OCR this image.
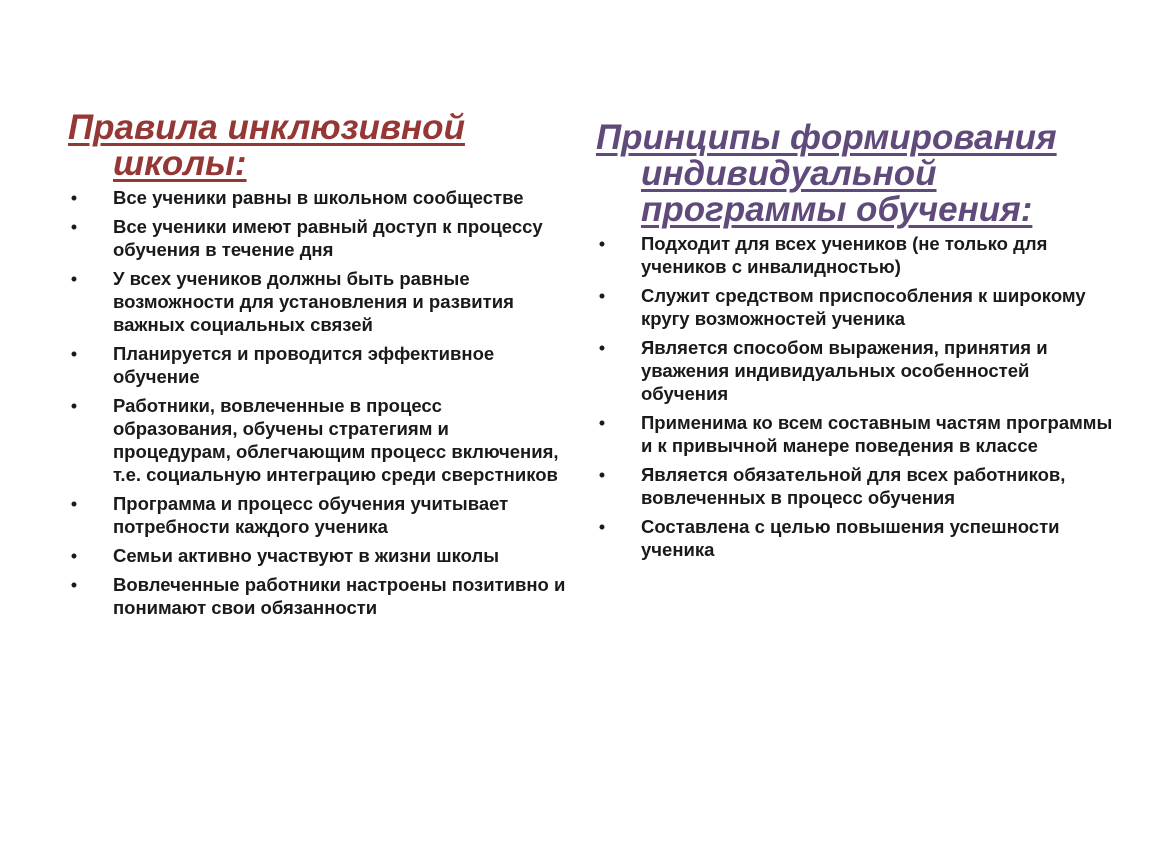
Правила инклюзивной
школы:
• Все ученики равны в школьном сообществе
• Все ученики имеют равный доступ к процессу обучения в течение дня
• У всех учеников должны быть равные возможности для установления и развития важных социальных связей
• Планируется и проводится эффективное обучение
• Работники, вовлеченные в процесс образования, обучены стратегиям и процедурам, облегчающим процесс включения, т.е. социальную интеграцию среди сверстников
• Программа и процесс обучения учитывает потребности каждого ученика
• Семьи активно участвуют в жизни школы
• Вовлеченные работники настроены позитивно и понимают свои обязанности
Принципы формирования
индивидуальной
программы обучения:
• Подходит для всех учеников (не только для учеников с инвалидностью)
• Служит средством приспособления к широкому кругу возможностей ученика
• Является способом выражения, принятия и уважения индивидуальных особенностей обучения
• Применима ко всем составным частям программы и к привычной манере поведения в классе
• Является обязательной для всех работников, вовлеченных в процесс обучения
• Составлена с целью повышения успешности ученика
